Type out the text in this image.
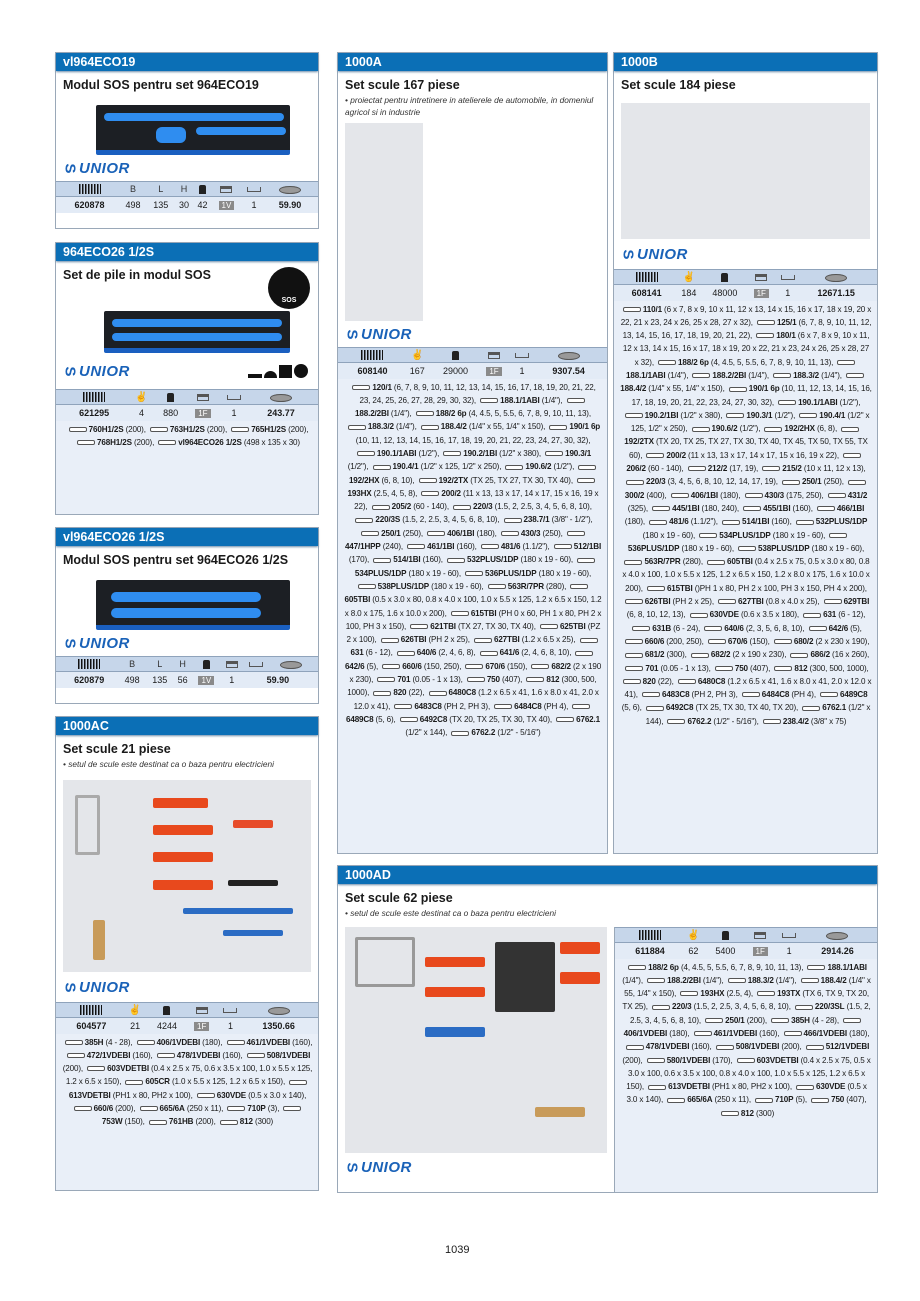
vl964ECO19
Modul SOS pentru set 964ECO19
S UNIOR
	B	L	H				
620878	498	135	30	42	1V	1	59.90
964ECO26 1/2S
Set de pile in modul SOS
SOS
S UNIOR
	✌				
621295	4	880	1F	1	243.77
760H1/2S (200),	763H1/2S (200),	765H1/2S (200), 768H1/2S (200),	vl964ECO26 1/2S (498 x 135 x 30)
vl964ECO26 1/2S
Modul SOS pentru set 964ECO26 1/2S
S UNIOR
	B	L	H				
620879	498	135	56	1V	1	59.90	
1000AC
Set scule 21 piese
• setul de scule este destinat ca o baza pentru electricieni
S UNIOR
	✌				
604577	21	4244	1F	1	1350.66
385H (4 - 28),	406/1VDEBI (180),	461/1VDEBI (160), 472/1VDEBI (160),	478/1VDEBI (160),	508/1VDEBI (200),	603VDETBI (0.4 x 2.5 x 75, 0.6 x 3.5 x 100, 1.0 x 5.5 x 125, 1.2 x 6.5 x 150),	605CR (1.0 x 5.5 x 125, 1.2 x 6.5 x 150), 613VDETBI (PH1 x 80, PH2 x 100),	630VDE (0.5 x 3.0 x 140), 660/6 (200),	665/6A (250 x 11),	710P (3), 753W (150),	761HB (200),	812 (300)
1000A
Set scule 167 piese
• proiectat pentru intretinere in atelierele de automobile, in domeniul agricol si in industrie
S UNIOR
	✌				
608140	167	29000	1F	1	9307.54
120/1 (6, 7, 8, 9, 10, 11, 12, 13, 14, 15, 16, 17, 18, 19, 20, 21, 22, 23, 24, 25, 26, 27, 28, 29, 30, 32),	188.1/1ABI (1/4"), 188.2/2BI (1/4"),	188/2 6p (4, 4.5, 5, 5.5, 6, 7, 8, 9, 10, 11, 13), 188.3/2 (1/4"),	188.4/2 (1/4" x 55, 1/4" x 150),	190/1 6p (10, 11, 12, 13, 14, 15, 16, 17, 18, 19, 20, 21, 22, 23, 24, 27, 30, 32), 190.1/1ABI (1/2"),	190.2/1BI (1/2" x 380),	190.3/1 (1/2"),	190.4/1 (1/2" x 125, 1/2" x 250),	190.6/2 (1/2"), 192/2HX (6, 8, 10),	192/2TX (TX 25, TX 27, TX 30, TX 40), 193HX (2.5, 4, 5, 8),	200/2 (11 x 13, 13 x 17, 14 x 17, 15 x 16, 19 x 22),	205/2 (60 - 140),	220/3 (1.5, 2, 2.5, 3, 4, 5, 6, 8, 10), 220/3S (1.5, 2, 2.5, 3, 4, 5, 6, 8, 10),	238.7/1 (3/8" - 1/2"), 250/1 (250),	406/1BI (180),	430/3 (250), 447/1HPP (240),	461/1BI (160),	481/6 (1.1/2"),	512/1BI (170),	514/1BI (160),	532PLUS/1DP (180 x 19 - 60), 534PLUS/1DP (180 x 19 - 60),	536PLUS/1DP (180 x 19 - 60), 538PLUS/1DP (180 x 19 - 60),	563R/7PR (280), 605TBI (0.5 x 3.0 x 80, 0.8 x 4.0 x 100, 1.0 x 5.5 x 125, 1.2 x 6.5 x 150, 1.2 x 8.0 x 175, 1.6 x 10.0 x 200),	615TBI (PH 0 x 60, PH 1 x 80, PH 2 x 100, PH 3 x 150),	621TBI (TX 27, TX 30, TX 40),	625TBI (PZ 2 x 100),	626TBI (PH 2 x 25),	627TBI (1.2 x 6.5 x 25), 631 (6 - 12),	640/6 (2, 4, 6, 8),	641/6 (2, 4, 6, 8, 10), 642/6 (5),	660/6 (150, 250),	670/6 (150),	682/2 (2 x 190 x 230),	701 (0.05 - 1 x 13),	750 (407),	812 (300, 500, 1000),	820 (22),	6480C8 (1.2 x 6.5 x 41, 1.6 x 8.0 x 41, 2.0 x 12.0 x 41),	6483C8 (PH 2, PH 3),	6484C8 (PH 4), 6489C8 (5, 6),	6492C8 (TX 20, TX 25, TX 30, TX 40),	6762.1 (1/2" x 144),	6762.2 (1/2" - 5/16")
1000B
Set scule 184 piese
S UNIOR
	✌				
608141	184	48000	1F	1	12671.15
110/1 (6 x 7, 8 x 9, 10 x 11, 12 x 13, 14 x 15, 16 x 17, 18 x 19, 20 x 22, 21 x 23, 24 x 26, 25 x 28, 27 x 32),	125/1 (6, 7, 8, 9, 10, 11, 12, 13, 14, 15, 16, 17, 18, 19, 20, 21, 22),	180/1 (6 x 7, 8 x 9, 10 x 11, 12 x 13, 14 x 15, 16 x 17, 18 x 19, 20 x 22, 21 x 23, 24 x 26, 25 x 28, 27 x 32),	188/2 6p (4, 4.5, 5, 5.5, 6, 7, 8, 9, 10, 11, 13), 188.1/1ABI (1/4"),	188.2/2BI (1/4"),	188.3/2 (1/4"), 188.4/2 (1/4" x 55, 1/4" x 150),	190/1 6p (10, 11, 12, 13, 14, 15, 16, 17, 18, 19, 20, 21, 22, 23, 24, 27, 30, 32),	190.1/1ABI (1/2"), 190.2/1BI (1/2" x 380),	190.3/1 (1/2"),	190.4/1 (1/2" x 125, 1/2" x 250),	190.6/2 (1/2"),	192/2HX (6, 8), 192/2TX (TX 20, TX 25, TX 27, TX 30, TX 40, TX 45, TX 50, TX 55, TX 60),	200/2 (11 x 13, 13 x 17, 14 x 17, 15 x 16, 19 x 22), 206/2 (60 - 140),	212/2 (17, 19),	215/2 (10 x 11, 12 x 13), 220/3 (3, 4, 5, 6, 8, 10, 12, 14, 17, 19),	250/1 (250), 300/2 (400),	406/1BI (180),	430/3 (175, 250),	431/2 (325),	445/1BI (180, 240),	455/1BI (160),	466/1BI (180),	481/6 (1.1/2"),	514/1BI (160),	532PLUS/1DP (180 x 19 - 60),	534PLUS/1DP (180 x 19 - 60), 536PLUS/1DP (180 x 19 - 60),	538PLUS/1DP (180 x 19 - 60), 563R/7PR (280),	605TBI (0.4 x 2.5 x 75, 0.5 x 3.0 x 80, 0.8 x 4.0 x 100, 1.0 x 5.5 x 125, 1.2 x 6.5 x 150, 1.2 x 8.0 x 175, 1.6 x 10.0 x 200),	615TBI ()PH 1 x 80, PH 2 x 100, PH 3 x 150, PH 4 x 200), 626TBI (PH 2 x 25),	627TBI (0.8 x 4.0 x 25),	629TBI (6, 8, 10, 12, 13),	630VDE (0.6 x 3.5 x 180),	631 (6 - 12), 631B (6 - 24),	640/6 (2, 3, 5, 6, 8, 10),	642/6 (5), 660/6 (200, 250),	670/6 (150),	680/2 (2 x 230 x 190), 681/2 (300),	682/2 (2 x 190 x 230),	686/2 (16 x 260), 701 (0.05 - 1 x 13),	750 (407),	812 (300, 500, 1000), 820 (22),	6480C8 (1.2 x 6.5 x 41, 1.6 x 8.0 x 41, 2.0 x 12.0 x 41),	6483C8 (PH 2, PH 3),	6484C8 (PH 4),	6489C8 (5, 6),	6492C8 (TX 25, TX 30, TX 40, TX 20),	6762.1 (1/2" x 144),	6762.2 (1/2" - 5/16"),	238.4/2 (3/8" x 75)
1000AD
Set scule 62 piese
• setul de scule este destinat ca o baza pentru electricieni
S UNIOR
	✌				
611884	62	5400	1F	1	2914.26
188/2 6p (4, 4.5, 5, 5.5, 6, 7, 8, 9, 10, 11, 13),	188.1/1ABI (1/4"),	188.2/2BI (1/4"),	188.3/2 (1/4"),	188.4/2 (1/4" x 55, 1/4" x 150),	193HX (2.5, 4),	193TX (TX 6, TX 9, TX 20, TX 25),	220/3 (1.5, 2, 2.5, 3, 4, 5, 6, 8, 10),	220/3SL (1.5, 2, 2.5, 3, 4, 5, 6, 8, 10),	250/1 (200),	385H (4 - 28), 406/1VDEBI (180),	461/1VDEBI (160),	466/1VDEBI (180), 478/1VDEBI (160),	508/1VDEBI (200),	512/1VDEBI (200),	580/1VDEBI (170),	603VDETBI (0.4 x 2.5 x 75, 0.5 x 3.0 x 100, 0.6 x 3.5 x 100, 0.8 x 4.0 x 100, 1.0 x 5.5 x 125, 1.2 x 6.5 x 150),	613VDETBI (PH1 x 80, PH2 x 100),	630VDE (0.5 x 3.0 x 140),	665/6A (250 x 11),	710P (5),	750 (407), 812 (300)
1039
